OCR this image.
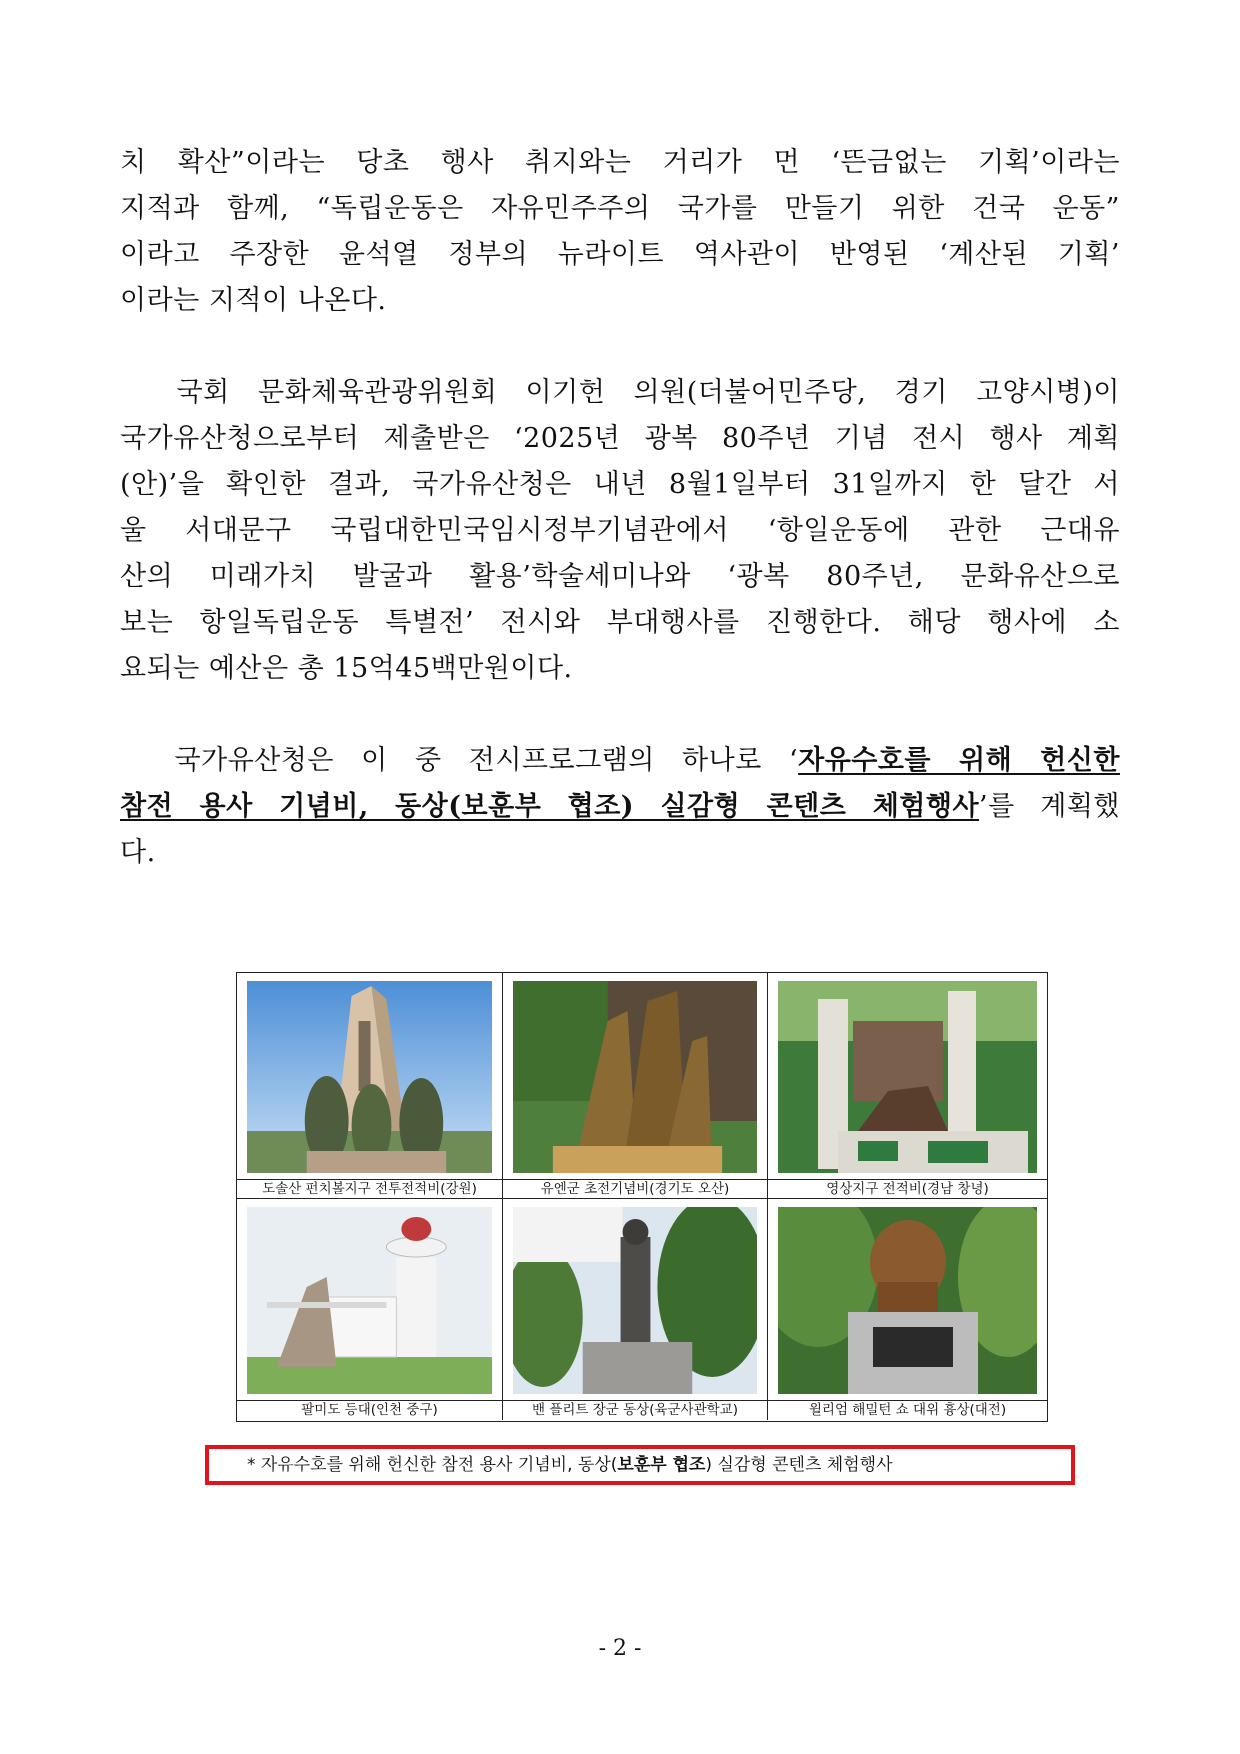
치 확산”이라는 당초 행사 취지와는 거리가 먼 ‘뜬금없는 기획’이라는
지적과 함께, “독립운동은 자유민주주의 국가를 만들기 위한 건국 운동”
이라고 주장한 윤석열 정부의 뉴라이트 역사관이 반영된 ‘계산된 기획’
이라는 지적이 나온다.
국회 문화체육관광위원회 이기헌 의원(더불어민주당, 경기 고양시병)이
국가유산청으로부터 제출받은 ‘2025년 광복 80주년 기념 전시 행사 계획
(안)’을 확인한 결과, 국가유산청은 내년 8월1일부터 31일까지 한 달간 서
울 서대문구 국립대한민국임시정부기념관에서 ‘항일운동에 관한 근대유
산의 미래가치 발굴과 활용’학술세미나와 ‘광복 80주년, 문화유산으로
보는 항일독립운동 특별전’ 전시와 부대행사를 진행한다. 해당 행사에 소
요되는 예산은 총 15억45백만원이다.
국가유산청은 이 중 전시프로그램의 하나로 ‘자유수호를 위해 헌신한
참전 용사 기념비, 동상(보훈부 협조) 실감형 콘텐츠 체험행사’를 계획했
다.
도솔산 펀치볼지구 전투전적비(강원)	유엔군 초전기념비(경기도 오산)	영상지구 전적비(경남 창녕)
팔미도 등대(인천 중구)	밴 플리트 장군 동상(육군사관학교)	윌리엄 해밀턴 쇼 대위 흉상(대전)
* 자유수호를 위해 헌신한 참전 용사 기념비, 동상(보훈부 협조) 실감형 콘텐츠 체험행사
- 2 -
